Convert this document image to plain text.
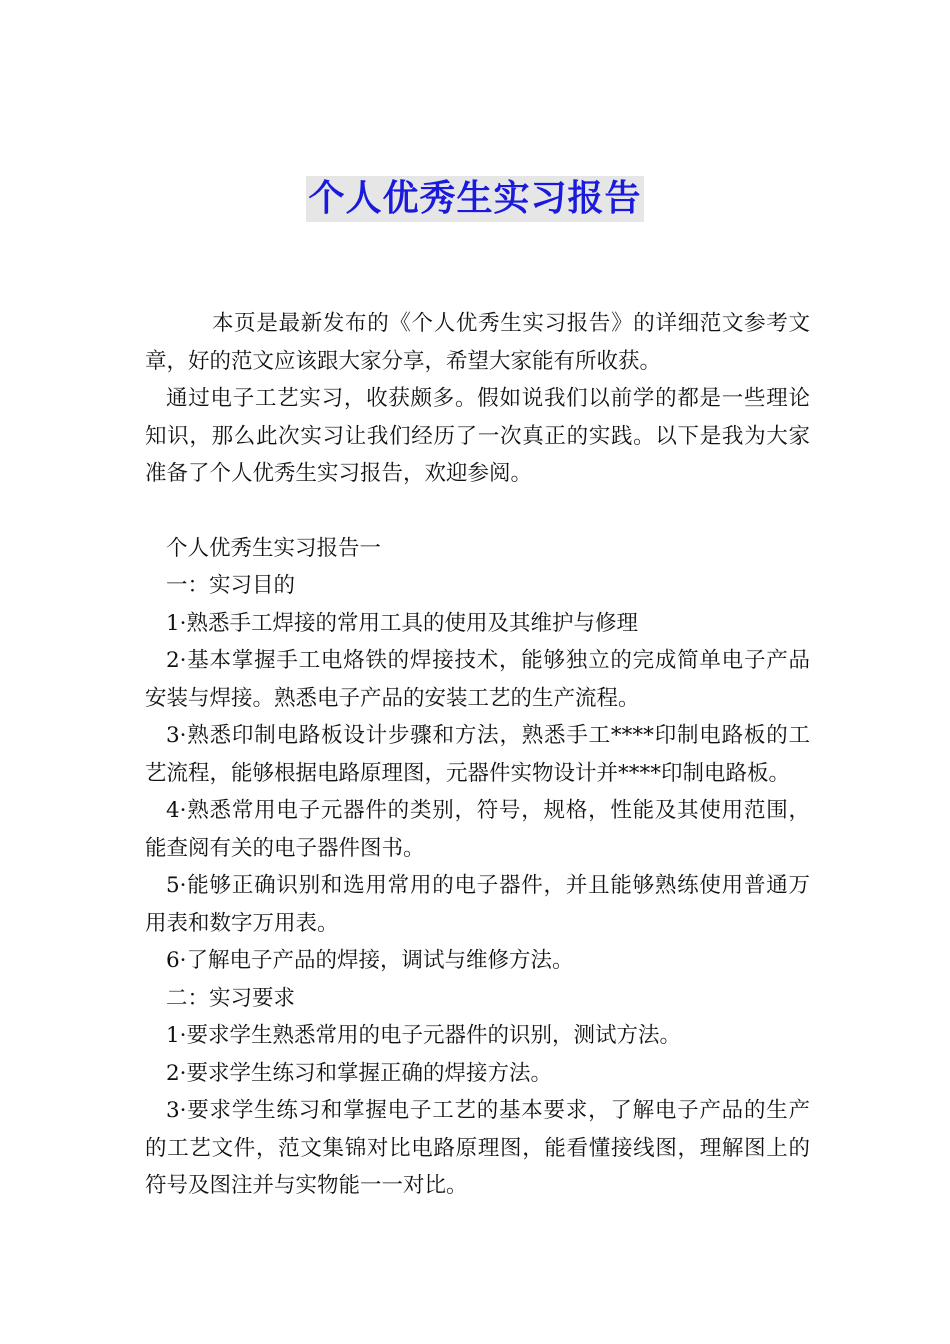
个人优秀生实习报告

本页是最新发布的《个人优秀生实习报告》的详细范文参考文章，好的范文应该跟大家分享，希望大家能有所收获。

通过电子工艺实习，收获颇多。假如说我们以前学的都是一些理论知识，那么此次实习让我们经历了一次真正的实践。以下是我为大家准备了个人优秀生实习报告，欢迎参阅。

个人优秀生实习报告一

一：实习目的

1·熟悉手工焊接的常用工具的使用及其维护与修理

2·基本掌握手工电烙铁的焊接技术，能够独立的完成简单电子产品安装与焊接。熟悉电子产品的安装工艺的生产流程。

3·熟悉印制电路板设计步骤和方法，熟悉手工****印制电路板的工艺流程，能够根据电路原理图，元器件实物设计并****印制电路板。

4·熟悉常用电子元器件的类别，符号，规格，性能及其使用范围，能查阅有关的电子器件图书。

5·能够正确识别和选用常用的电子器件，并且能够熟练使用普通万用表和数字万用表。

6·了解电子产品的焊接，调试与维修方法。

二：实习要求

1·要求学生熟悉常用的电子元器件的识别，测试方法。

2·要求学生练习和掌握正确的焊接方法。

3·要求学生练习和掌握电子工艺的基本要求，了解电子产品的生产的工艺文件，范文集锦对比电路原理图，能看懂接线图，理解图上的符号及图注并与实物能一一对比。
